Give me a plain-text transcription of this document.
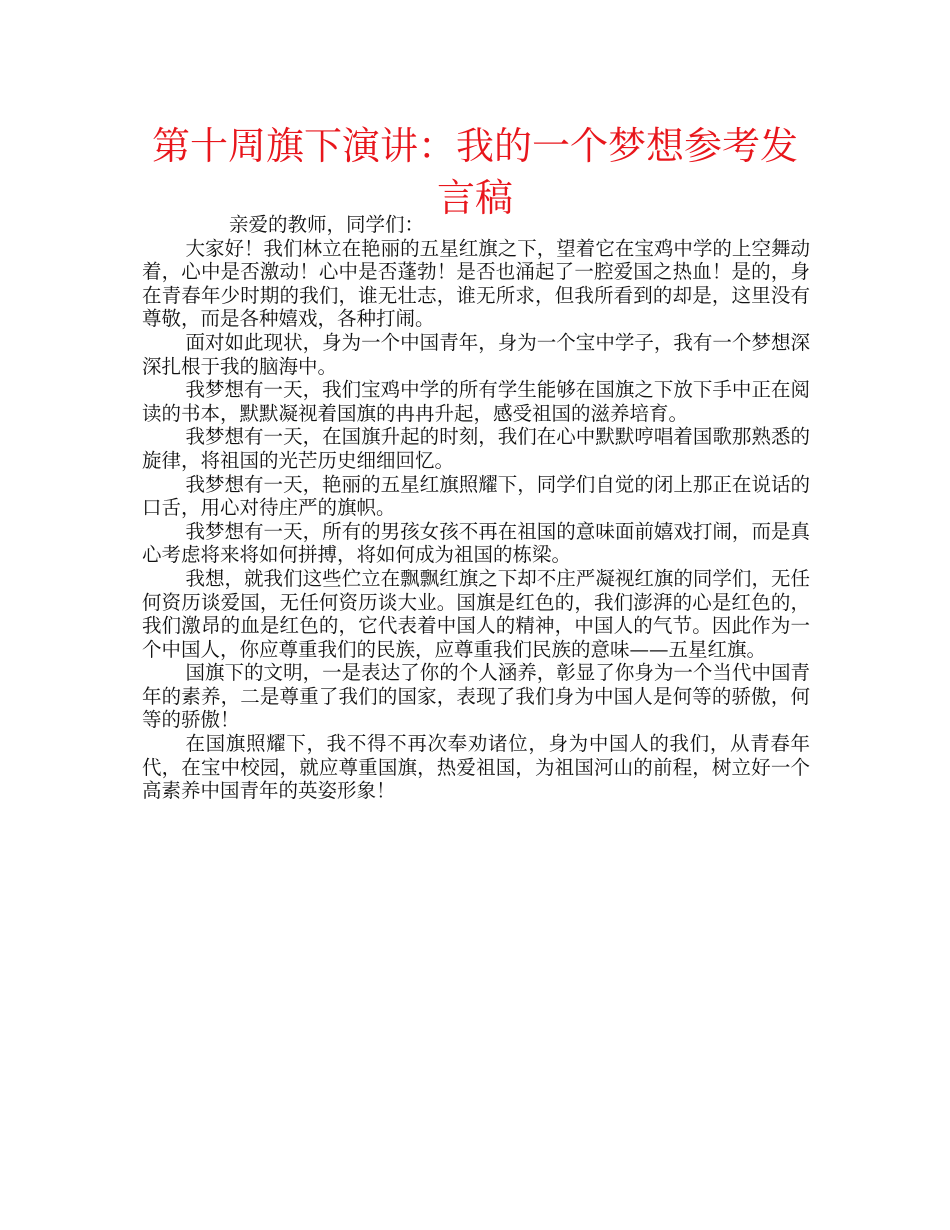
第十周旗下演讲：我的一个梦想参考发言稿

亲爱的教师，同学们：

大家好！我们林立在艳丽的五星红旗之下，望着它在宝鸡中学的上空舞动着，心中是否激动！心中是否蓬勃！是否也涌起了一腔爱国之热血！是的，身在青春年少时期的我们，谁无壮志，谁无所求，但我所看到的却是，这里没有尊敬，而是各种嬉戏，各种打闹。

面对如此现状，身为一个中国青年，身为一个宝中学子，我有一个梦想深深扎根于我的脑海中。

我梦想有一天，我们宝鸡中学的所有学生能够在国旗之下放下手中正在阅读的书本，默默凝视着国旗的冉冉升起，感受祖国的滋养培育。

我梦想有一天，在国旗升起的时刻，我们在心中默默哼唱着国歌那熟悉的旋律，将祖国的光芒历史细细回忆。

我梦想有一天，艳丽的五星红旗照耀下，同学们自觉的闭上那正在说话的口舌，用心对待庄严的旗帜。

我梦想有一天，所有的男孩女孩不再在祖国的意味面前嬉戏打闹，而是真心考虑将来将如何拼搏，将如何成为祖国的栋梁。

我想，就我们这些伫立在飘飘红旗之下却不庄严凝视红旗的同学们，无任何资历谈爱国，无任何资历谈大业。国旗是红色的，我们澎湃的心是红色的，我们激昂的血是红色的，它代表着中国人的精神，中国人的气节。因此作为一个中国人，你应尊重我们的民族，应尊重我们民族的意味——五星红旗。

国旗下的文明，一是表达了你的个人涵养，彰显了你身为一个当代中国青年的素养，二是尊重了我们的国家，表现了我们身为中国人是何等的骄傲，何等的骄傲！

在国旗照耀下，我不得不再次奉劝诸位，身为中国人的我们，从青春年代，在宝中校园，就应尊重国旗，热爱祖国，为祖国河山的前程，树立好一个高素养中国青年的英姿形象！
